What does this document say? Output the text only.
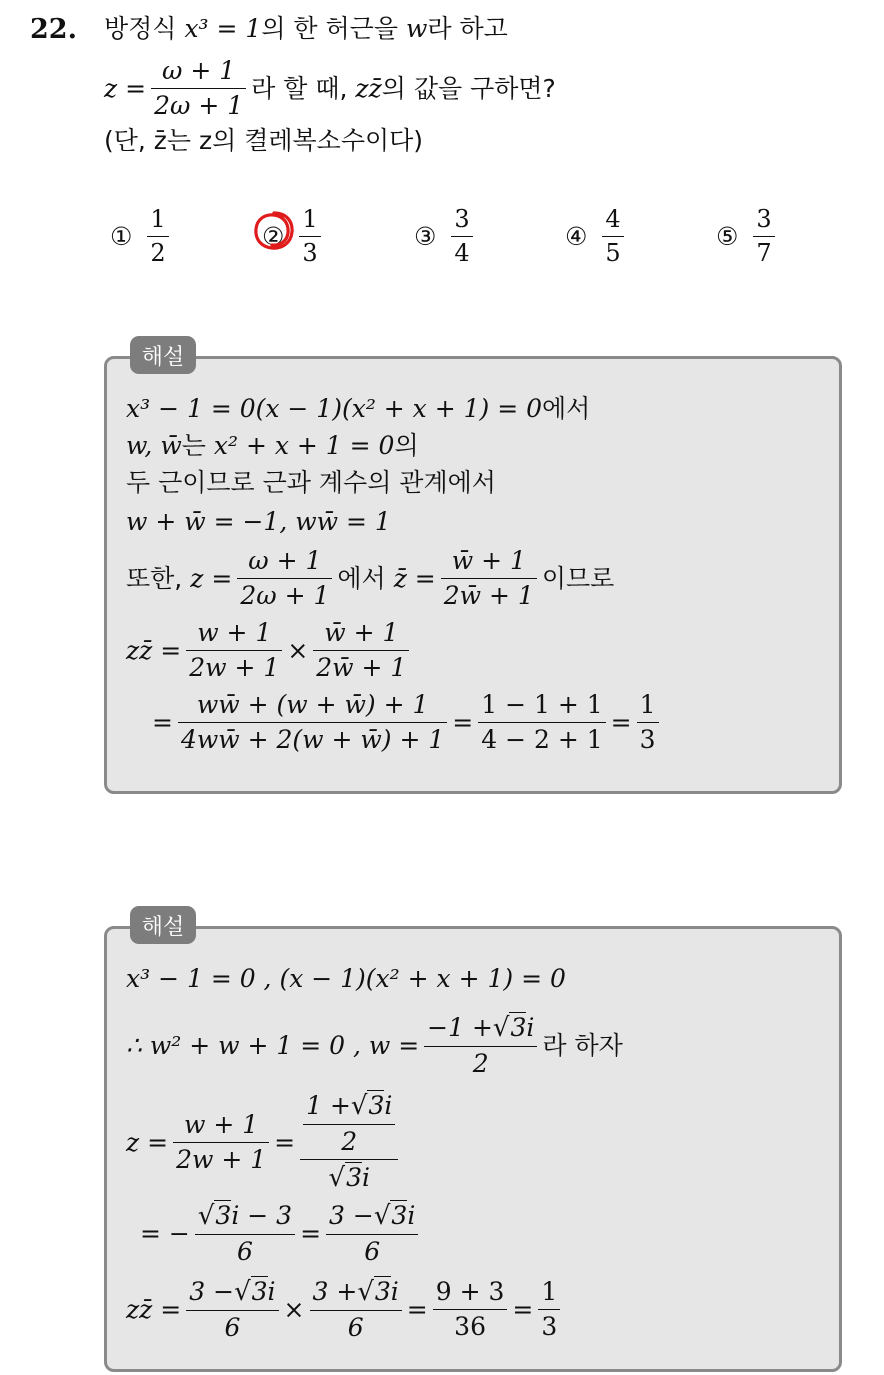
22. 방정식 x³ = 1 의 한 허근을 w 라 하고
$z = \frac{\omega + 1}{2\omega + 1}$ 라 할 때, zz̄ 의 값을 구하면?
(단, z̄는 z의 켤레복소수이다)
① $\frac{1}{2}$	② $\frac{1}{3}$	③ $\frac{3}{4}$	④ $\frac{4}{5}$	⑤ $\frac{3}{7}$
해설
x³ − 1 = 0(x − 1)(x² + x + 1) = 0 에서
w, w̄ 는 x² + x + 1 = 0 의
두 근이므로 근과 계수의 관계에서
w + w̄ = −1, ww̄ = 1
또한, $z = \frac{\omega + 1}{2\omega + 1}$ 에서 z̄ = $\frac{w̄ + 1}{2w̄ + 1}$ 이므로
zz̄ = $\frac{w + 1}{2w + 1} \times \frac{w̄ + 1}{2w̄ + 1}$
= $\frac{ww̄ + (w + w̄) + 1}{4ww̄ + 2(w + w̄) + 1} = \frac{1 - 1 + 1}{4 - 2 + 1} = \frac{1}{3}$
해설
x³ − 1 = 0 , (x − 1)(x² + x + 1) = 0
∴ w² + w + 1 = 0 , $w = \frac{-1 +√3i}{2}$ 라 하자
$z = \frac{w + 1}{2w + 1} = \frac{\frac{1 +√3i}{2}}{√3i}$
= − $\frac{√3i - 3}{6} = \frac{3 -√3i}{6}$
zz̄ = $\frac{3 -√3i}{6} \times \frac{3 +√3i}{6} = \frac{9 + 3}{36} = \frac{1}{3}$
